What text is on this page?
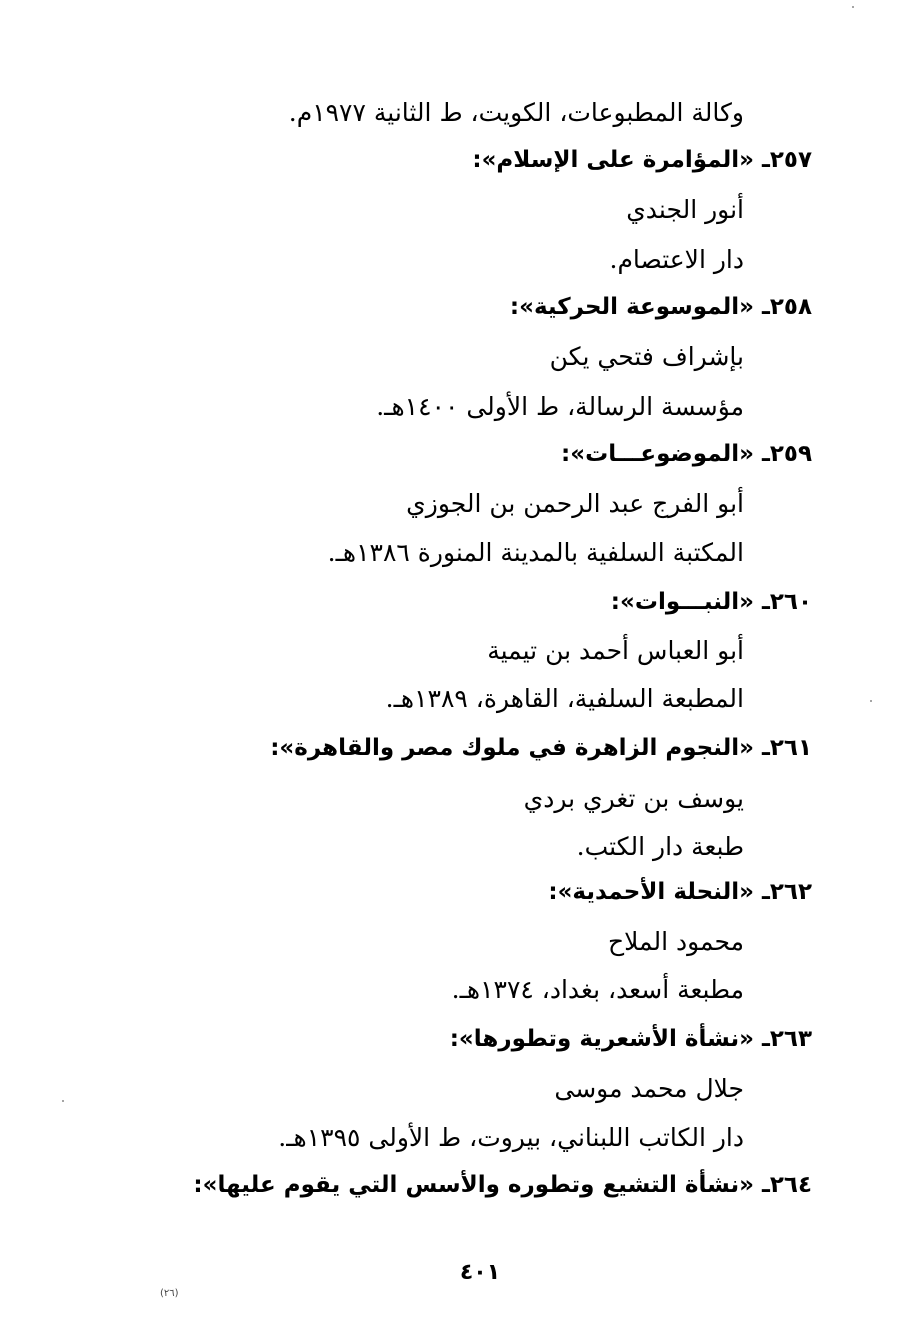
وكالة المطبوعات، الكويت، ط الثانية ١٩٧٧م.
٢٥٧ـ«المؤامرة على الإسلام»:
أنور الجندي
دار الاعتصام.
٢٥٨ـ«الموسوعة الحركية»:
بإشراف فتحي يكن
مؤسسة الرسالة، ط الأولى ١٤٠٠هـ.
٢٥٩ـ«الموضوعـــات»:
أبو الفرج عبد الرحمن بن الجوزي
المكتبة السلفية بالمدينة المنورة ١٣٨٦هـ.
٢٦٠ـ«النبـــوات»:
أبو العباس أحمد بن تيمية
المطبعة السلفية، القاهرة، ١٣٨٩هـ.
٢٦١ـ«النجوم الزاهرة في ملوك مصر والقاهرة»:
يوسف بن تغري بردي
طبعة دار الكتب.
٢٦٢ـ«النحلة الأحمدية»:
محمود الملاح
مطبعة أسعد، بغداد، ١٣٧٤هـ.
٢٦٣ـ«نشأة الأشعرية وتطورها»:
جلال محمد موسى
دار الكاتب اللبناني، بيروت، ط الأولى ١٣٩٥هـ.
٢٦٤ـ«نشأة التشيع وتطوره والأسس التي يقوم عليها»:
٤٠١
(٢٦)
